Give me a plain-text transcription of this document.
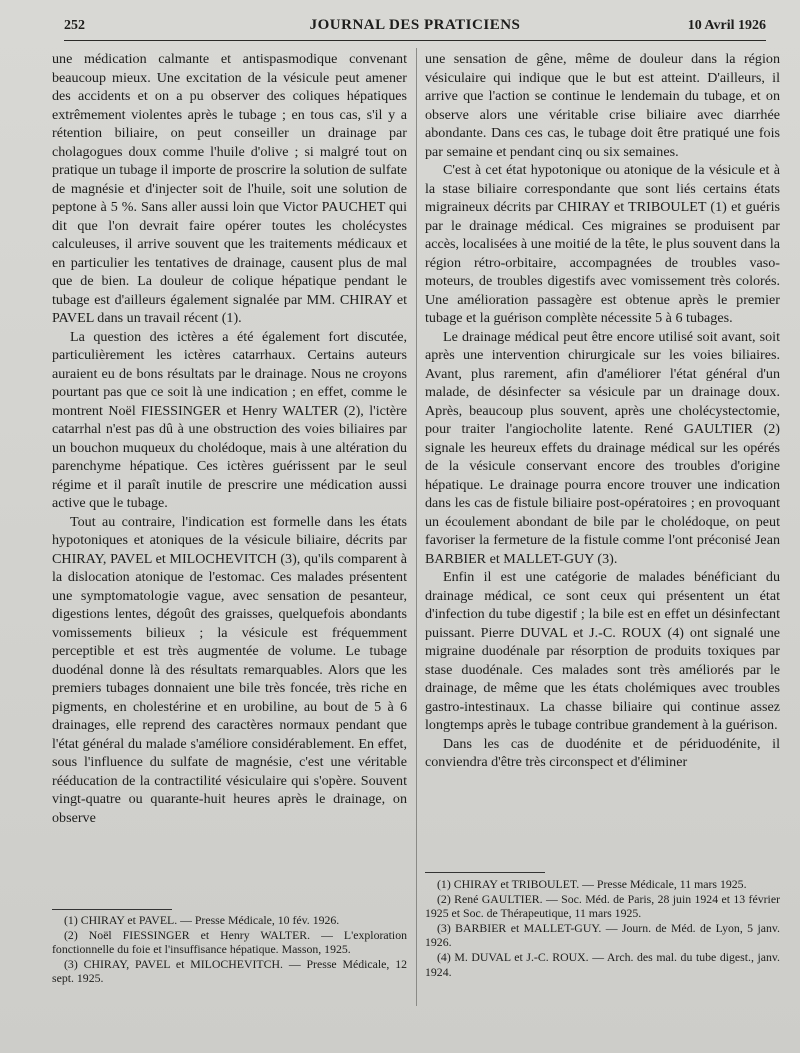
252	JOURNAL DES PRATICIENS	10 Avril 1926

une médication calmante et antispasmodique convenant beaucoup mieux. Une excitation de la vésicule peut amener des accidents et on a pu observer des coliques hépatiques extrêmement violentes après le tubage ; en tous cas, s'il y a rétention biliaire, on peut conseiller un drainage par cholagogues doux comme l'huile d'olive ; si malgré tout on pratique un tubage il importe de proscrire la solution de sulfate de magnésie et d'injecter soit de l'huile, soit une solution de peptone à 5 %. Sans aller aussi loin que Victor PAUCHET qui dit que l'on devrait faire opérer toutes les cholécystes calculeuses, il arrive souvent que les traitements médicaux et en particulier les tentatives de drainage, causent plus de mal que de bien. La douleur de colique hépatique pendant le tubage est d'ailleurs également signalée par MM. CHIRAY et PAVEL dans un travail récent (1).

La question des ictères a été également fort discutée, particulièrement les ictères catarrhaux. Certains auteurs auraient eu de bons résultats par le drainage. Nous ne croyons pourtant pas que ce soit là une indication ; en effet, comme le montrent Noël FIESSINGER et Henry WALTER (2), l'ictère catarrhal n'est pas dû à une obstruction des voies biliaires par un bouchon muqueux du cholédoque, mais à une altération du parenchyme hépatique. Ces ictères guérissent par le seul régime et il paraît inutile de prescrire une médication aussi active que le tubage.

Tout au contraire, l'indication est formelle dans les états hypotoniques et atoniques de la vésicule biliaire, décrits par CHIRAY, PAVEL et MILOCHEVITCH (3), qu'ils comparent à la dislocation atonique de l'estomac. Ces malades présentent une symptomatologie vague, avec sensation de pesanteur, digestions lentes, dégoût des graisses, quelquefois abondants vomissements bilieux ; la vésicule est fréquemment perceptible et est très augmentée de volume. Le tubage duodénal donne là des résultats remarquables. Alors que les premiers tubages donnaient une bile très foncée, très riche en pigments, en cholestérine et en urobiline, au bout de 5 à 6 drainages, elle reprend des caractères normaux pendant que l'état général du malade s'améliore considérablement. En effet, sous l'influence du sulfate de magnésie, c'est une véritable rééducation de la contractilité vésiculaire qui s'opère. Souvent vingt-quatre ou quarante-huit heures après le drainage, on observe

une sensation de gêne, même de douleur dans la région vésiculaire qui indique que le but est atteint. D'ailleurs, il arrive que l'action se continue le lendemain du tubage, et on observe alors une véritable crise biliaire avec diarrhée abondante. Dans ces cas, le tubage doit être pratiqué une fois par semaine et pendant cinq ou six semaines.

C'est à cet état hypotonique ou atonique de la vésicule et à la stase biliaire correspondante que sont liés certains états migraineux décrits par CHIRAY et TRIBOULET (1) et guéris par le drainage médical. Ces migraines se produisent par accès, localisées à une moitié de la tête, le plus souvent dans la région rétro-orbitaire, accompagnées de troubles vaso-moteurs, de troubles digestifs avec vomissement très colorés. Une amélioration passagère est obtenue après le premier tubage et la guérison complète nécessite 5 à 6 tubages.

Le drainage médical peut être encore utilisé soit avant, soit après une intervention chirurgicale sur les voies biliaires. Avant, plus rarement, afin d'améliorer l'état général d'un malade, de désinfecter sa vésicule par un drainage doux. Après, beaucoup plus souvent, après une cholécystectomie, pour traiter l'angiocholite latente. René GAULTIER (2) signale les heureux effets du drainage médical sur les opérés de la vésicule conservant encore des troubles d'origine hépatique. Le drainage pourra encore trouver une indication dans les cas de fistule biliaire post-opératoires ; en provoquant un écoulement abondant de bile par le cholédoque, on peut favoriser la fermeture de la fistule comme l'ont préconisé Jean BARBIER et MALLET-GUY (3).

Enfin il est une catégorie de malades bénéficiant du drainage médical, ce sont ceux qui présentent un état d'infection du tube digestif ; la bile est en effet un désinfectant puissant. Pierre DUVAL et J.-C. ROUX (4) ont signalé une migraine duodénale par résorption de produits toxiques par stase duodénale. Ces malades sont très améliorés par le drainage, de même que les états cholémiques avec troubles gastro-intestinaux. La chasse biliaire qui continue assez longtemps après le tubage contribue grandement à la guérison.

Dans les cas de duodénite et de périduodénite, il conviendra d'être très circonspect et d'éliminer

(1) CHIRAY et PAVEL. — Presse Médicale, 10 fév. 1926.
(2) Noël FIESSINGER et Henry WALTER. — L'exploration fonctionnelle du foie et l'insuffisance hépatique. Masson, 1925.
(3) CHIRAY, PAVEL et MILOCHEVITCH. — Presse Médicale, 12 sept. 1925.
(1) CHIRAY et TRIBOULET. — Presse Médicale, 11 mars 1925.
(2) René GAULTIER. — Soc. Méd. de Paris, 28 juin 1924 et 13 février 1925 et Soc. de Thérapeutique, 11 mars 1925.
(3) BARBIER et MALLET-GUY. — Journ. de Méd. de Lyon, 5 janv. 1926.
(4) M. DUVAL et J.-C. ROUX. — Arch. des mal. du tube digest., janv. 1924.
